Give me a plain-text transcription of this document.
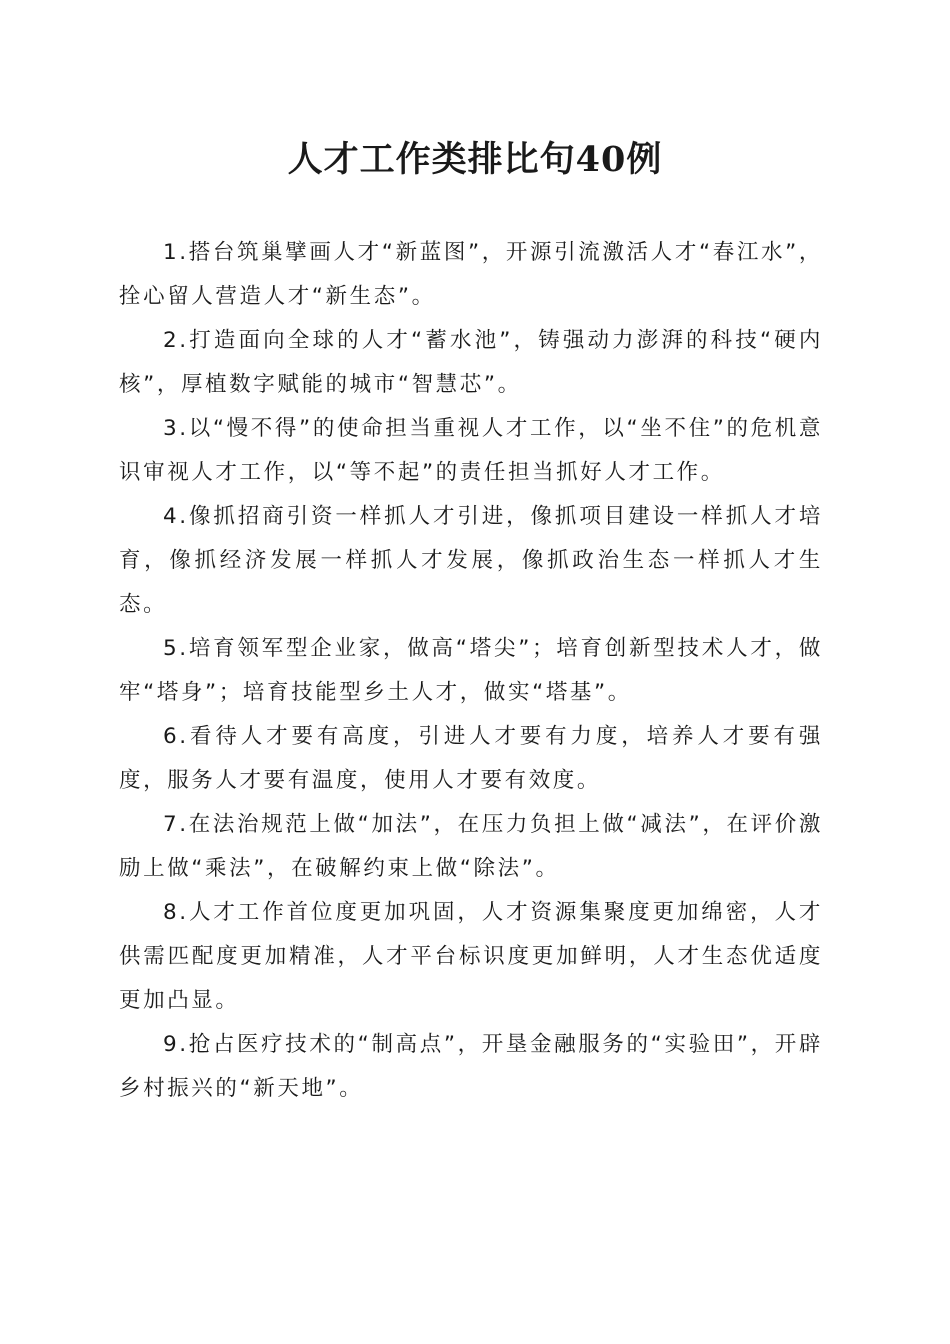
人才工作类排比句40例

1.搭台筑巢擘画人才“新蓝图”，开源引流激活人才“春江水”，拴心留人营造人才“新生态”。

2.打造面向全球的人才“蓄水池”，铸强动力澎湃的科技“硬内核”，厚植数字赋能的城市“智慧芯”。

3.以“慢不得”的使命担当重视人才工作，以“坐不住”的危机意识审视人才工作，以“等不起”的责任担当抓好人才工作。

4.像抓招商引资一样抓人才引进，像抓项目建设一样抓人才培育，像抓经济发展一样抓人才发展，像抓政治生态一样抓人才生态。

5.培育领军型企业家，做高“塔尖”；培育创新型技术人才，做牢“塔身”；培育技能型乡土人才，做实“塔基”。

6.看待人才要有高度，引进人才要有力度，培养人才要有强度，服务人才要有温度，使用人才要有效度。

7.在法治规范上做“加法”，在压力负担上做“减法”，在评价激励上做“乘法”，在破解约束上做“除法”。

8.人才工作首位度更加巩固，人才资源集聚度更加绵密，人才供需匹配度更加精准，人才平台标识度更加鲜明，人才生态优适度更加凸显。

9.抢占医疗技术的“制高点”，开垦金融服务的“实验田”，开辟乡村振兴的“新天地”。
